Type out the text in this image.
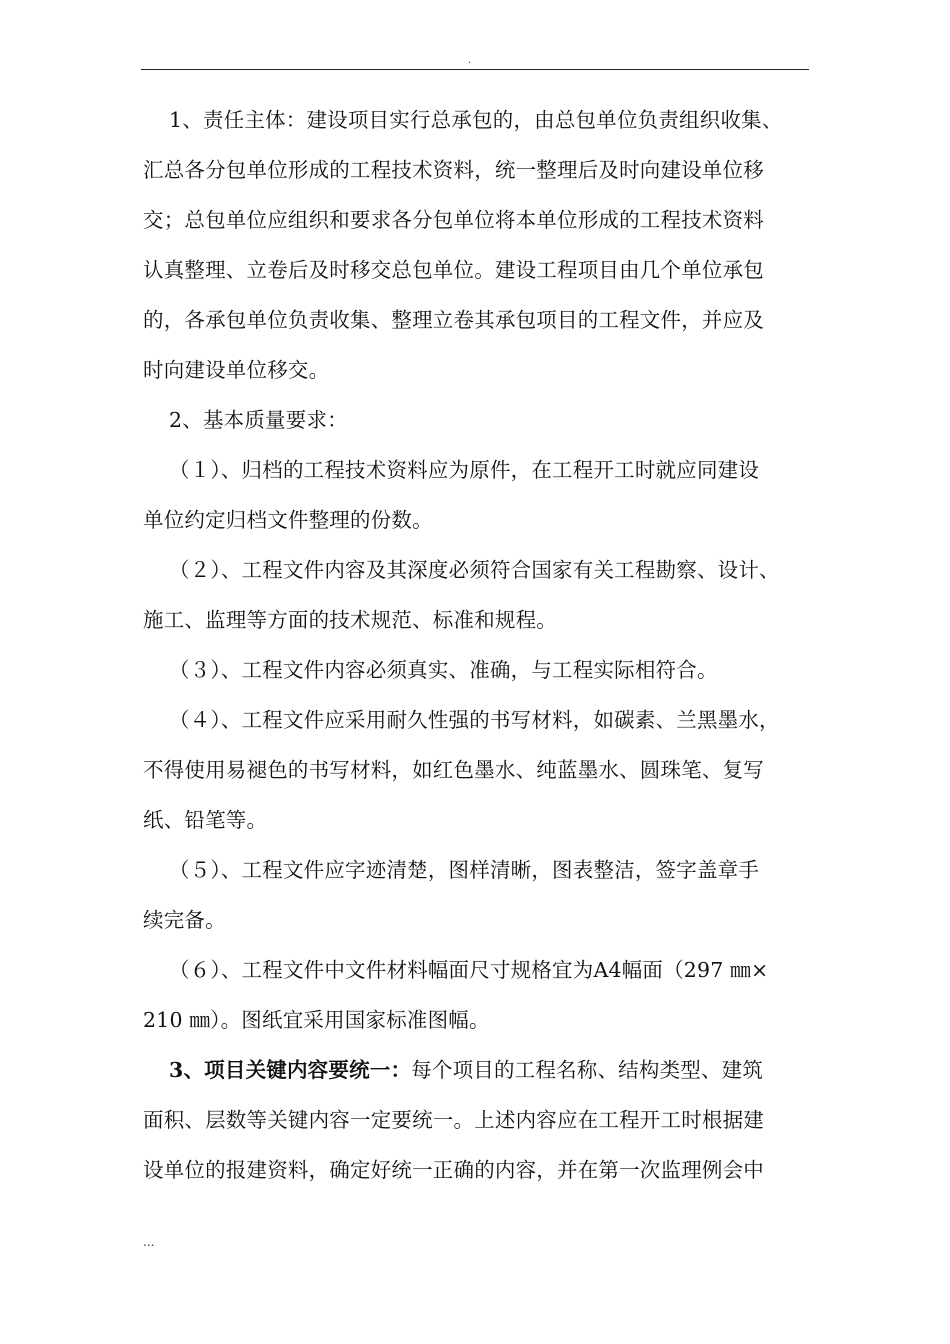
.

1、责任主体：建设项目实行总承包的，由总包单位负责组织收集、

汇总各分包单位形成的工程技术资料，统一整理后及时向建设单位移

交；总包单位应组织和要求各分包单位将本单位形成的工程技术资料

认真整理、立卷后及时移交总包单位。建设工程项目由几个单位承包

的，各承包单位负责收集、整理立卷其承包项目的工程文件，并应及

时向建设单位移交。

2、基本质量要求：

（１）、归档的工程技术资料应为原件，在工程开工时就应同建设

单位约定归档文件整理的份数。

（２）、工程文件内容及其深度必须符合国家有关工程勘察、设计、

施工、监理等方面的技术规范、标准和规程。

（３）、工程文件内容必须真实、准确，与工程实际相符合。

（４）、工程文件应采用耐久性强的书写材料，如碳素、兰黑墨水，

不得使用易褪色的书写材料，如红色墨水、纯蓝墨水、圆珠笔、复写

纸、铅笔等。

（５）、工程文件应字迹清楚，图样清晰，图表整洁，签字盖章手

续完备。

（６）、工程文件中文件材料幅面尺寸规格宜为A4幅面（297 ㎜×

210 ㎜）。图纸宜采用国家标准图幅。

3、项目关键内容要统一：每个项目的工程名称、结构类型、建筑

面积、层数等关键内容一定要统一。上述内容应在工程开工时根据建

设单位的报建资料，确定好统一正确的内容，并在第一次监理例会中

...
